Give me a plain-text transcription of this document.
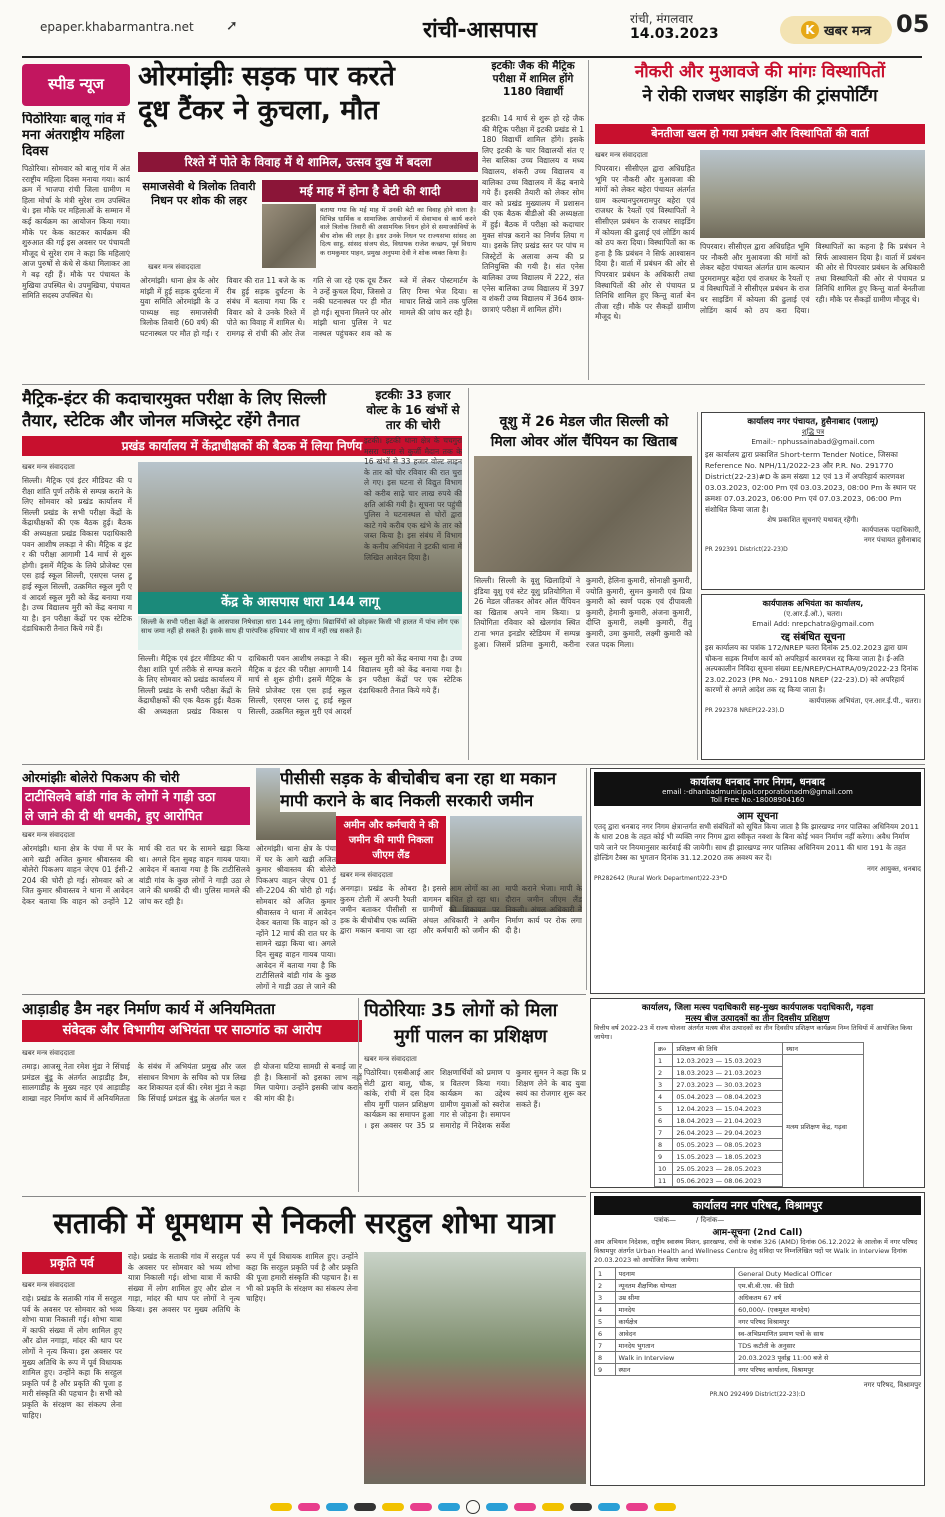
epaper.khabarmantra.net ➚	रांची-आसपास	रांची, मंगलवार
14.03.2023	K खबर मन्त्र 05
स्पीड न्यूज
पिठोरियाः बालू गांव में मना अंतराष्ट्रीय महिला दिवस
पिठोरिया। सोमवार को बालू गांव में अंतरराष्ट्रीय महिला दिवस मनाया गया। कार्यक्रम में भाजपा रांची जिला ग्रामीण महिला मोर्चा के मंत्री सुरेश राम उपस्थित थे। इस मौके पर महिलाओं के सम्मान में कई कार्यक्रम का आयोजन किया गया। मौके पर केक काटकर कार्यक्रम की शुरुआत की गई इस अवसर पर पंचायती मौजूद थे सुरेश राम ने कहा कि महिलाएं आज पुरुषों से कंधे से कंधा मिलाकर आगे बढ़ रही हैं। मौके पर पंचायत के मुखिया उपस्थित थे। उपमुखिया, पंचायत समिति सदस्य उपस्थित थे।
ओरमांझीः सड़क पार करते
दूध टैंकर ने कुचला, मौत
रिश्ते में पोते के विवाह में थे शामिल, उत्सव दुख में बदला
समाजसेवी थे त्रिलोक तिवारी निधन पर शोक की लहर
मई माह में होना है बेटी की शादी
बताया गया कि मई माह में उनकी बेटी का विवाह होने वाला है। विभिन्न धार्मिक व सामाजिक आयोजनों में सेवाभाव से कार्य करने वाले त्रिलोक तिवारी की असामयिक निधन होने से समाजसेवियों के बीच शोक की लहर है। इधर उनके निधन पर राज्यसभा सांसद आदित्य साहु, सांसद संजय सेठ, विधायक राजेश कच्छप, पूर्व विधायक रामकुमार पाहन, प्रमुख अनुपमा देवी ने शोक व्यक्त किया है।
खबर मन्त्र संवाददाता
ओरमांझी। थाना क्षेत्र के ओरमांझी में हुई सड़क दुर्घटना में युवा समिति ओरमांझी के उपाध्यक्ष सह समाजसेवी त्रिलोक तिवारी (60 वर्ष) की घटनास्थल पर मौत हो गई। रविवार की रात 11 बजे के करीब हुई सड़क दुर्घटना के संबंध में बताया गया कि रविवार को वे उनके रिश्ते में पोते का विवाह में शामिल थे। रामगढ़ से रांची की ओर तेज गति से जा रहे एक दूध टैंकर ने उन्हें कुचल दिया, जिससे उनकी घटनास्थल पर ही मौत हो गई। सूचना मिलने पर ओरमांझी थाना पुलिस ने घटनास्थल पहुंचकर शव को कब्जे में लेकर पोस्टमार्टम के लिए रिम्स भेज दिया। समाचार लिखे जाने तक पुलिस मामले की जांच कर रही है।
इटकीः जैक की मैट्रिक परीक्षा में शामिल होंगे 1180 विद्यार्थी
इटकी। 14 मार्च से शुरू हो रहे जैक की मैट्रिक परीक्षा में इटकी प्रखंड से 1180 विद्यार्थी शामिल होंगे। इसके लिए इटकी के चार विद्यालयों संत एनेस बालिका उच्च विद्यालय व मध्य विद्यालय, शंकरी उच्च विद्यालय व बालिका उच्च विद्यालय में केंद्र बनाये गये हैं। इसकी तैयारी को लेकर सोमवार को प्रखंड मुख्यालय में प्रशासन की एक बैठक बीडीओ की अध्यक्षता में हुई। बैठक में परीक्षा को कदाचार मुक्त संपन्न कराने का निर्णय लिया गया। इसके लिए प्रखंड स्तर पर पांच मजिस्ट्रेटों के अलावा अन्य की प्रतिनियुक्ति की गयी है। संत एनेस बालिका उच्च विद्यालय में 222, संत एनेस बालिका उच्च विद्यालय में 397 व शंकरी उच्च विद्यालय में 364 छात्र-छात्राएं परीक्षा में शामिल होंगे।
नौकरी और मुआवजे की मांगः विस्थापितों
ने रोकी राजधर साइडिंग की ट्रांसपोर्टिंग
बेनतीजा खत्म हो गया प्रबंधन और विस्थापितों की वार्ता
खबर मन्त्र संवाददाता
पिपरवार। सीसीएल द्वारा अधिग्रहित भूमि पर नौकरी और मुआवजा की मांगों को लेकर बहेरा पंचायत अंतर्गत ग्राम कल्यानपुरमरामपुर बहेरा एवं राजधर के रैयतों एवं विस्थापितों ने सीसीएल प्रबंधन के राजधर साइडिंग में कोयला की ढुलाई एवं लोडिंग कार्य को ठप करा दिया। विस्थापितों का कहना है कि प्रबंधन ने सिर्फ आश्वासन दिया है। वार्ता में प्रबंधन की ओर से पिपरवार प्रबंधन के अधिकारी तथा विस्थापितों की ओर से पंचायत प्रतिनिधि शामिल हुए किन्तु वार्ता बेनतीजा रही। मौके पर सैकड़ों ग्रामीण मौजूद थे।
पिपरवार। सीसीएल द्वारा अधिग्रहित भूमि पर नौकरी और मुआवजा की मांगों को लेकर बहेरा पंचायत अंतर्गत ग्राम कल्यानपुरमरामपुर बहेरा एवं राजधर के रैयतों एवं विस्थापितों ने सीसीएल प्रबंधन के राजधर साइडिंग में कोयला की ढुलाई एवं लोडिंग कार्य को ठप करा दिया। विस्थापितों का कहना है कि प्रबंधन ने सिर्फ आश्वासन दिया है। वार्ता में प्रबंधन की ओर से पिपरवार प्रबंधन के अधिकारी तथा विस्थापितों की ओर से पंचायत प्रतिनिधि शामिल हुए किन्तु वार्ता बेनतीजा रही। मौके पर सैकड़ों ग्रामीण मौजूद थे।
मैट्रिक-इंटर की कदाचारमुक्त परीक्षा के लिए सिल्ली
तैयार, स्टेटिक और जोनल मजिस्ट्रेट रहेंगे तैनात
प्रखंड कार्यालय में केंद्राधीक्षकों की बैठक में लिया निर्णय
खबर मन्त्र संवाददाता
सिल्ली। मैट्रिक एवं इंटर मीडियट की परीक्षा शांति पूर्ण तरीके से सम्पन्न कराने के लिए सोमवार को प्रखंड कार्यालय में सिल्ली प्रखंड के सभी परीक्षा केंद्रों के केंद्राधीक्षकों की एक बैठक हुई। बैठक की अध्यक्षता प्रखंड विकास पदाधिकारी पवन आशीष लकड़ा ने की। मैट्रिक व इंटर की परीक्षा आगामी 14 मार्च से शुरू होगी। इसमें मैट्रिक के लिये प्रोजेक्ट एस एस हाई स्कूल सिल्ली, एसएस प्लस टू हाई स्कूल सिल्ली, उत्क्रमित स्कूल मुरी एवं आदर्श स्कूल मुरी को केंद्र बनाया गया है। उच्च विद्यालय मुरी को केंद्र बनाया गया है। इन परीक्षा केंद्रों पर एक स्टेटिक दंडाधिकारी तैनात किये गये हैं।
केंद्र के आसपास धारा 144 लागू
सिल्ली के सभी परीक्षा केंद्रों के आसपास निषेधाज्ञा धारा 144 लागू रहेगा। विद्यार्थियों को छोड़कर किसी भी हालत में पांच लोग एक साथ जमा नहीं हो सकते हैं। इसके साथ ही पारंपरिक हथियार भी साथ में नहीं रख सकते हैं।
सिल्ली। मैट्रिक एवं इंटर मीडियट की परीक्षा शांति पूर्ण तरीके से सम्पन्न कराने के लिए सोमवार को प्रखंड कार्यालय में सिल्ली प्रखंड के सभी परीक्षा केंद्रों के केंद्राधीक्षकों की एक बैठक हुई। बैठक की अध्यक्षता प्रखंड विकास पदाधिकारी पवन आशीष लकड़ा ने की। मैट्रिक व इंटर की परीक्षा आगामी 14 मार्च से शुरू होगी। इसमें मैट्रिक के लिये प्रोजेक्ट एस एस हाई स्कूल सिल्ली, एसएस प्लस टू हाई स्कूल सिल्ली, उत्क्रमित स्कूल मुरी एवं आदर्श स्कूल मुरी को केंद्र बनाया गया है। उच्च विद्यालय मुरी को केंद्र बनाया गया है। इन परीक्षा केंद्रों पर एक स्टेटिक दंडाधिकारी तैनात किये गये हैं।
इटकीः 33 हजार वोल्ट के 16 खंभों से तार की चोरी
इटकी। इटकी थाना क्षेत्र के चचगुरा मसरा पतरा से कुर्जी मैदान तक के 16 खंभों से 33 हजार वोल्ट लाइन के तार को चोर रविवार की रात चुरा ले गए। इस घटना से विद्युत विभाग को करीब साढ़े चार लाख रुपये की क्षति आंकी गयी है। सूचना पर पहुंची पुलिस ने घटनास्थल से चोरों द्वारा काटे गये करीब एक खंभे के तार को जब्त किया है। इस संबंध में विभाग के कनीय अभियंता ने इटकी थाना में लिखित आवेदन दिया है।
वूशु में 26 मेडल जीत सिल्ली को
मिला ओवर ऑल चैंपियन का खिताब
सिल्ली। सिल्ली के वूशु खिलाड़ियों ने इंडिया वूशु एवं स्टेट वूशु प्रतियोगिता में 26 मेडल जीतकर ओवर ऑल चैंपियन का खिताब अपने नाम किया। प्रतियोगिता रविवार को खेलगांव स्थित टाना भगत इनडोर स्टेडियम में सम्पन्न हुआ। जिसमें प्रतिमा कुमारी, करीना कुमारी, हेलिना कुमारी, सोनाक्षी कुमारी, ज्योति कुमारी, सुमन कुमारी एवं प्रिया कुमारी को स्वर्ण पदक एवं दीपावली कुमारी, हेमानी कुमारी, अंजना कुमारी, दीप्ति कुमारी, लक्ष्मी कुमारी, रीतु कुमारी, उमा कुमारी, लक्ष्मी कुमारी को रजत पदक मिला।
कार्यालय नगर पंचायत, हुसैनाबाद (पलामू)
शुद्धि पत्र
Email:- nphussainabad@gmail.com
इस कार्यालय द्वारा प्रकाशित Short-term Tender Notice, जिसका Reference No. NPH/11/2022-23 और P.R. No. 291770 District(22-23)#D के क्रम संख्या 12 एवं 13 में अपरिहार्य कारणवश 03.03.2023, 02:00 Pm एवं 03.03.2023, 08:00 Pm के स्थान पर क्रमशः 07.03.2023, 06:00 Pm एवं 07.03.2023, 06:00 Pm संशोधित किया जाता है।
शेष प्रकाशित सूचनाएं यथावत् रहेंगी।
कार्यपालक पदाधिकारी,
नगर पंचायत हुसैनाबाद
PR 292391 District(22-23)D
कार्यपालक अभियंता का कार्यालय,
(ए.आर.ई.ओ.), चतरा।
Email Add: nrepchatra@gmail.com
रद्द संबंधित सूचना
इस कार्यालय का पत्रांक 172/NREP चतरा दिनांक 25.02.2023 द्वारा ग्राम चौकना सड़क निर्माण कार्य को अपरिहार्य कारणवश रद्द किया जाता है। ई-अति अल्पकालीन निविदा सूचना संख्या EE/NREP/CHATRA/09/2022-23 दिनांक 23.02.2023 (PR No.- 291108 NREP (22-23).D) को अपरिहार्य कारणों से अगले आदेश तक रद्द किया जाता है।
कार्यपालक अभियंता, एन.आर.ई.पी., चतरा।
PR 292378 NREP(22-23).D
ओरमांझीः बोलेरो पिकअप की चोरी
टाटीसिलवे बांडी गांव के लोगों ने गाड़ी उठा
ले जाने की दी थी धमकी, हुए आरोपित
खबर मन्त्र संवाददाता
ओरमांझी। थाना क्षेत्र के पंचा में घर के आगे खड़ी अजित कुमार श्रीवास्तव की बोलेरो पिकअप वाहन जेएच 01 ईसी-2204 की चोरी हो गई। सोमवार को अजित कुमार श्रीवास्तव ने थाना में आवेदन देकर बताया कि वाहन को उन्होंने 12 मार्च की रात घर के सामने खड़ा किया था। अगले दिन सुबह वाहन गायब पाया। आवेदन में बताया गया है कि टाटीसिलवे बांडी गांव के कुछ लोगों ने गाड़ी उठा ले जाने की धमकी दी थी। पुलिस मामले की जांच कर रही है।
ओरमांझी। थाना क्षेत्र के पंचा में घर के आगे खड़ी अजित कुमार श्रीवास्तव की बोलेरो पिकअप वाहन जेएच 01 ईसी-2204 की चोरी हो गई। सोमवार को अजित कुमार श्रीवास्तव ने थाना में आवेदन देकर बताया कि वाहन को उन्होंने 12 मार्च की रात घर के सामने खड़ा किया था। अगले दिन सुबह वाहन गायब पाया। आवेदन में बताया गया है कि टाटीसिलवे बांडी गांव के कुछ लोगों ने गाड़ी उठा ले जाने की
पीसीसी सड़क के बीचोबीच बना रहा था मकान
मापी कराने के बाद निकली सरकारी जमीन
अमीन और कर्मचारी ने की जमीन की मापी निकला जीएम लैंड
खबर मन्त्र संवाददाता
अनगड़ा। प्रखंड के ओबरा कुरुम टोली में अपनी रैयती जमीन बताकर पीसीसी सड़क के बीचोबीच एक व्यक्ति द्वारा मकान बनाया जा रहा है। इससे आम लोगों का आवागमन बाधित हो रहा था। ग्रामीणों की शिकायत पर अंचल अधिकारी ने अमीन और कर्मचारी को जमीन की मापी कराने भेजा। मापी के दौरान जमीन जीएम लैंड निकली। अंचल अधिकारी ने निर्माण कार्य पर रोक लगा दी है।
कार्यालय धनबाद नगर निगम, धनबाद
email :-dhanbadmunicipalcorporationadm@gmail.com
Toll Free No.-18008904160
आम सूचना
एतद् द्वारा धनबाद नगर निगम क्षेत्रान्तर्गत सभी संबंधितों को सूचित किया जाता है कि झारखण्ड नगर पालिका अधिनियम 2011 के धारा 208 के तहत कोई भी व्यक्ति नगर निगम द्वारा स्वीकृत नक्शा के बिना कोई भवन निर्माण नहीं करेगा। अवैध निर्माण पाये जाने पर नियमानुसार कार्रवाई की जायेगी। साथ ही झारखण्ड नगर पालिका अधिनियम 2011 की धारा 191 के तहत होल्डिंग टैक्स का भुगतान दिनांक 31.12.2020 तक अवश्य कर दें।
नगर आयुक्त, धनबाद
PR282642 (Rural Work Department)22-23*D
कार्यालय, जिला मत्स्य पदाधिकारी सह-मुख्य कार्यपालक पदाधिकारी, गढ़वा
मत्स्य बीज उत्पादकों का तीन दिवसीय प्रशिक्षण
वित्तीय वर्ष 2022-23 में राज्य योजना अंतर्गत मत्स्य बीज उत्पादकों का तीन दिवसीय प्रशिक्षण कार्यक्रम निम्न तिथियों में आयोजित किया जायेगा।
क्र०	प्रशिक्षण की तिथि	स्थान
1	12.03.2023 — 15.03.2023	मत्स्य प्रशिक्षण केंद्र, गढ़वा
2	18.03.2023 — 21.03.2023	
3	27.03.2023 — 30.03.2023	
4	05.04.2023 — 08.04.2023	
5	12.04.2023 — 15.04.2023	
6	18.04.2023 — 21.04.2023	
7	26.04.2023 — 29.04.2023	
8	05.05.2023 — 08.05.2023	
9	15.05.2023 — 18.05.2023	
10	25.05.2023 — 28.05.2023	
11	05.06.2023 — 08.06.2023	

आड़ाडीह डैम नहर निर्माण कार्य में अनियमितता
संवेदक और विभागीय अभियंता पर साठगांठ का आरोप
खबर मन्त्र संवाददाता
तमाड़। आजसू नेता रमेश मुंडा ने सिंचाई प्रमंडल बुंडू के अंतर्गत आड़ाडीह डैम, सालगाडीह के मुख्य नहर एवं आड़ाडीह शाखा नहर निर्माण कार्य में अनियमितता के संबंध में अभियंता प्रमुख और जल संसाधन विभाग के सचिव को पत्र लिख कर शिकायत दर्ज की। रमेश मुंडा ने कहा कि सिंचाई प्रमंडल बुंडू के अंतर्गत चल रही योजना घटिया सामग्री से बनाई जा रही है। किसानों को इसका लाभ नहीं मिल पायेगा। उन्होंने इसकी जांच कराने की मांग की है।
पिठोरियाः 35 लोगों को मिला
मुर्गी पालन का प्रशिक्षण
खबर मन्त्र संवाददाता
पिठोरिया। एसबीआई आरसेटी द्वारा बालू, चौक, कांके, रांची में दस दिवसीय मुर्गी पालन प्रशिक्षण कार्यक्रम का समापन हुआ। इस अवसर पर 35 प्रशिक्षणार्थियों को प्रमाण पत्र वितरण किया गया। कार्यक्रम का उद्देश्य ग्रामीण युवाओं को स्वरोजगार से जोड़ना है। समापन समारोह में निदेशक सर्वेश कुमार सुमन ने कहा कि प्रशिक्षण लेने के बाद युवा स्वयं का रोजगार शुरू कर सकते हैं।
कार्यालय नगर परिषद, विश्रामपुर
पत्रांक—	/ दिनांक—
आम-सूचना (2nd Call)
आम अभियान निदेशक, राष्ट्रीय स्वास्थ्य मिशन, झारखण्ड, रांची के पत्रांक 326 (AMD) दिनांक 06.12.2022 के आलोक में नगर परिषद विश्रामपुर अंतर्गत Urban Health and Wellness Centre हेतु संविदा पर निम्नलिखित पदों पर Walk in Interview दिनांक 20.03.2023 को आयोजित किया जायेगा।
1	पदनाम	General Duty Medical Officer
2	न्यूनतम शैक्षणिक योग्यता	एम.बी.बी.एस. की डिग्री
3	उम्र सीमा	अधिकतम 67 वर्ष
4	मानदेय	60,000/- (एकमुश्त मानदेय)
5	कार्यक्षेत्र	नगर परिषद विश्रामपुर
6	आवेदन	स्व-अभिप्रमाणित प्रमाण पत्रों के साथ
7	मानदेय भुगतान	TDS कटौती के अनुसार
8	Walk in Interview	20.03.2023 पूर्वाह्न 11:00 बजे से
9	स्थान	नगर परिषद कार्यालय, विश्रामपुर
नगर परिषद, विश्रामपुर
PR.NO 292499 District(22-23):D
सताकी में धूमधाम से निकली सरहुल शोभा यात्रा
प्रकृति पर्व
खबर मन्त्र संवाददाता
राहे। प्रखंड के सताकी गांव में सरहुल पर्व के अवसर पर सोमवार को भव्य शोभा यात्रा निकाली गई। शोभा यात्रा में काफी संख्या में लोग शामिल हुए और ढोल नगाड़ा, मांदर की थाप पर लोगों ने नृत्य किया। इस अवसर पर मुख्य अतिथि के रूप में पूर्व विधायक शामिल हुए। उन्होंने कहा कि सरहुल प्रकृति पर्व है और प्रकृति की पूजा हमारी संस्कृति की पहचान है। सभी को प्रकृति के संरक्षण का संकल्प लेना चाहिए।
राहे। प्रखंड के सताकी गांव में सरहुल पर्व के अवसर पर सोमवार को भव्य शोभा यात्रा निकाली गई। शोभा यात्रा में काफी संख्या में लोग शामिल हुए और ढोल नगाड़ा, मांदर की थाप पर लोगों ने नृत्य किया। इस अवसर पर मुख्य अतिथि के रूप में पूर्व विधायक शामिल हुए। उन्होंने कहा कि सरहुल प्रकृति पर्व है और प्रकृति की पूजा हमारी संस्कृति की पहचान है। सभी को प्रकृति के संरक्षण का संकल्प लेना चाहिए।
